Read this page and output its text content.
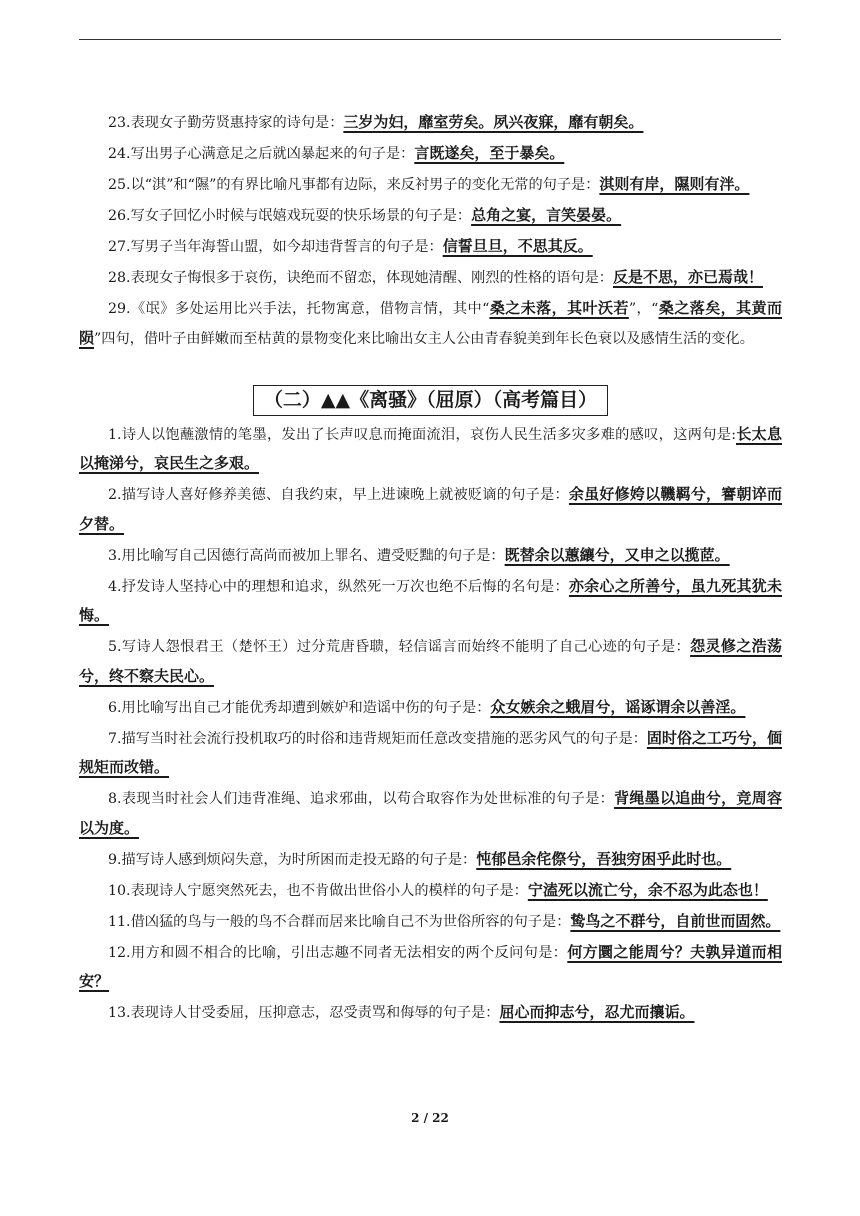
23.表现女子勤劳贤惠持家的诗句是：三岁为妇，靡室劳矣。夙兴夜寐，靡有朝矣。

24.写出男子心满意足之后就凶暴起来的句子是：言既遂矣，至于暴矣。

25.以“淇”和“隰”的有界比喻凡事都有边际，来反衬男子的变化无常的句子是：淇则有岸，隰则有泮。

26.写女子回忆小时候与氓嬉戏玩耍的快乐场景的句子是：总角之宴，言笑晏晏。

27.写男子当年海誓山盟，如今却违背誓言的句子是：信誓旦旦，不思其反。

28.表现女子悔恨多于哀伤，诀绝而不留恋，体现她清醒、刚烈的性格的语句是：反是不思，亦已焉哉！

29.《氓》多处运用比兴手法，托物寓意，借物言情，其中“桑之未落，其叶沃若”，“桑之落矣，其黄而陨”四句，借叶子由鲜嫩而至枯黄的景物变化来比喻出女主人公由青春貌美到年长色衰以及感情生活的变化。

（二）▲▲《离骚》（屈原）（高考篇目）

1.诗人以饱蘸激情的笔墨，发出了长声叹息而掩面流泪，哀伤人民生活多灾多难的感叹，这两句是:长太息以掩涕兮，哀民生之多艰。

2.描写诗人喜好修养美德、自我约束，早上进谏晚上就被贬谪的句子是：余虽好修姱以鞿羁兮，謇朝谇而夕替。

3.用比喻写自己因德行高尚而被加上罪名、遭受贬黜的句子是：既替余以蕙纕兮，又申之以揽茝。

4.抒发诗人坚持心中的理想和追求，纵然死一万次也绝不后悔的名句是：亦余心之所善兮，虽九死其犹未悔。

5.写诗人怨恨君王（楚怀王）过分荒唐昏聩，轻信谣言而始终不能明了自己心迹的句子是：怨灵修之浩荡兮，终不察夫民心。

6.用比喻写出自己才能优秀却遭到嫉妒和造谣中伤的句子是：众女嫉余之蛾眉兮，谣诼谓余以善淫。

7.描写当时社会流行投机取巧的时俗和违背规矩而任意改变措施的恶劣风气的句子是：固时俗之工巧兮，偭规矩而改错。

8.表现当时社会人们违背准绳、追求邪曲，以苟合取容作为处世标准的句子是：背绳墨以追曲兮，竞周容以为度。

9.描写诗人感到烦闷失意，为时所困而走投无路的句子是：忳郁邑余侘傺兮，吾独穷困乎此时也。

10.表现诗人宁愿突然死去，也不肯做出世俗小人的模样的句子是：宁溘死以流亡兮，余不忍为此态也！

11.借凶猛的鸟与一般的鸟不合群而居来比喻自己不为世俗所容的句子是：鸷鸟之不群兮，自前世而固然。

12.用方和圆不相合的比喻，引出志趣不同者无法相安的两个反问句是：何方圜之能周兮？夫孰异道而相安？

13.表现诗人甘受委屈，压抑意志，忍受责骂和侮辱的句子是：屈心而抑志兮，忍尤而攘诟。

2 / 22
